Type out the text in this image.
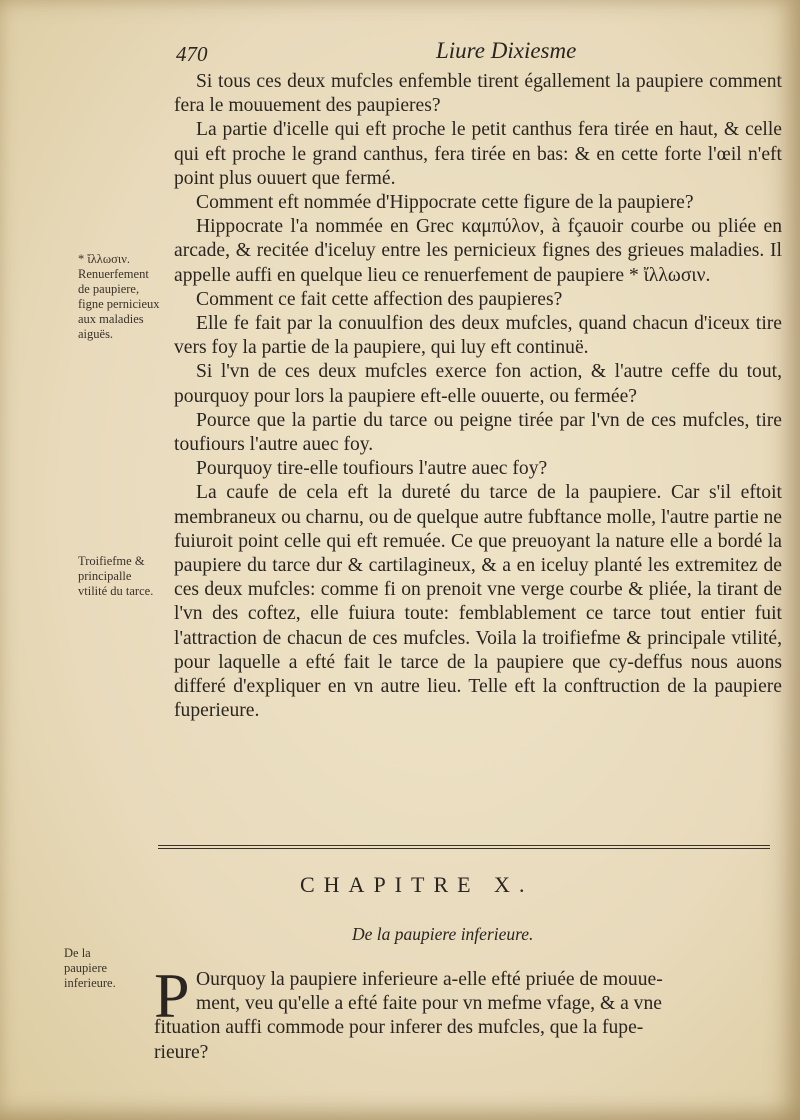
470	Liure Dixiesme

Si tous ces deux mufcles enfemble tirent égallement la paupiere comment fera le mouuement des paupieres?

La partie d'icelle qui eft proche le petit canthus fera tirée en haut, & celle qui eft proche le grand canthus, fera tirée en bas: & en cette forte l'œil n'eft point plus ouuert que fermé.

Comment eft nommée d'Hippocrate cette figure de la paupiere?

Hippocrate l'a nommée en Grec καμπύλον, à fçauoir courbe ou pliée en arcade, & recitée d'iceluy entre les pernicieux fignes des grieues maladies. Il appelle auffi en quelque lieu ce renuerfement de paupiere * ἴλλωσιν.

Comment ce fait cette affection des paupieres?

Elle fe fait par la conuulfion des deux mufcles, quand chacun d'iceux tire vers foy la partie de la paupiere, qui luy eft continuë.

Si l'vn de ces deux mufcles exerce fon action, & l'autre ceffe du tout, pourquoy pour lors la paupiere eft-elle ouuerte, ou fermée?

Pource que la partie du tarce ou peigne tirée par l'vn de ces mufcles, tire toufiours l'autre auec foy.

Pourquoy tire-elle toufiours l'autre auec foy?

La caufe de cela eft la dureté du tarce de la paupiere. Car s'il eftoit membraneux ou charnu, ou de quelque autre fubftance molle, l'autre partie ne fuiuroit point celle qui eft remuée. Ce que preuoyant la nature elle a bordé la paupiere du tarce dur & cartilagineux, & a en iceluy planté les extremitez de ces deux mufcles: comme fi on prenoit vne verge courbe & pliée, la tirant de l'vn des coftez, elle fuiura toute: femblablement ce tarce tout entier fuit l'attraction de chacun de ces mufcles. Voila la troifiefme & principale vtilité, pour laquelle a efté fait le tarce de la paupiere que cy-deffus nous auons differé d'expliquer en vn autre lieu. Telle eft la conftruction de la paupiere fuperieure.

* ἴλλωσιν. Renuerfement de paupiere, figne pernicieux aux maladies aiguës.
Troifiefme & principalle vtilité du tarce.
De la paupiere inferieure.
CHAPITRE X.
De la paupiere inferieure.
P Ourquoy la paupiere inferieure a-elle efté priuée de mouue-
ment, veu qu'elle a efté faite pour vn mefme vfage, & a vne
fituation auffi commode pour inferer des mufcles, que la fupe-
rieure?
